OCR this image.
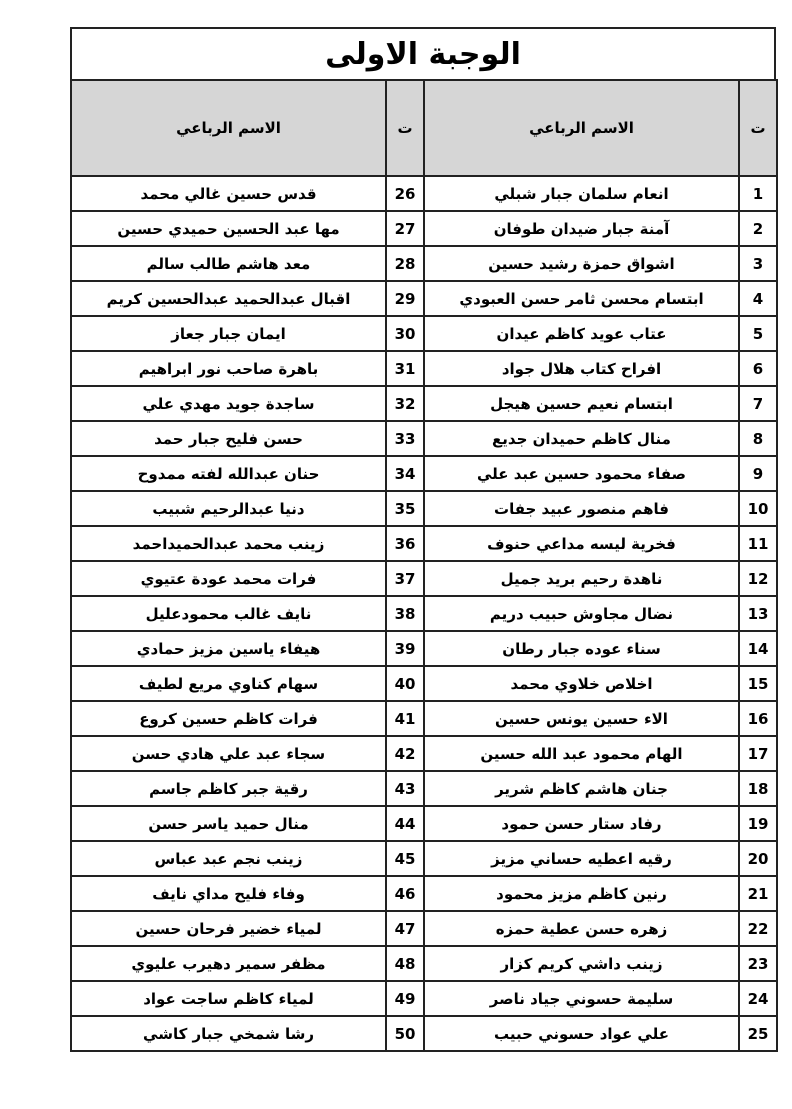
الوجبة الاولى
ت	الاسم الرباعي	ت	الاسم الرباعي
1	انعام سلمان جبار شبلي	26	قدس حسين غالي محمد
2	آمنة جبار ضيدان طوفان	27	مها عبد الحسين حميدي حسين
3	اشواق حمزة رشيد حسين	28	معد هاشم طالب سالم
4	ابتسام محسن ثامر حسن العبودي	29	اقبال عبدالحميد عبدالحسين كريم
5	عتاب عويد كاظم عيدان	30	ايمان جبار جعاز
6	افراح كتاب هلال جواد	31	باهرة صاحب نور ابراهيم
7	ابتسام نعيم حسين هيجل	32	ساجدة جويد مهدي علي
8	منال كاظم حميدان جديع	33	حسن فليح جبار حمد
9	صفاء محمود حسين عبد علي	34	حنان عبدالله لفته ممدوح
10	فاهم منصور عبيد جفات	35	دنيا عبدالرحيم شبيب
11	فخرية ليسه مداعي حنوف	36	زينب محمد عبدالحميداحمد
12	ناهدة رحيم بريد جميل	37	فرات محمد عودة عتيوي
13	نضال مجاوش حبيب دريم	38	نايف غالب محمودعليل
14	سناء عوده جبار رطان	39	هيفاء ياسين مزيز حمادي
15	اخلاص خلاوي محمد	40	سهام كناوي مريع لطيف
16	الاء حسين يونس حسين	41	فرات كاظم حسين كروع
17	الهام محمود عبد الله حسين	42	سجاء عبد علي هادي حسن
18	جنان هاشم كاظم شرير	43	رقية جبر كاظم جاسم
19	رفاد ستار حسن حمود	44	منال حميد ياسر حسن
20	رقيه اعطيه حساني مزيز	45	زينب نجم عبد عباس
21	رنين كاظم مزيز محمود	46	وفاء فليح مداي نايف
22	زهره حسن عطية حمزه	47	لمياء خضير فرحان حسين
23	زينب داشي كريم كزار	48	مظفر سمير دهيرب عليوي
24	سليمة حسوني جياد ناصر	49	لمياء كاظم ساجت عواد
25	علي عواد حسوني حبيب	50	رشا شمخي جبار كاشي
